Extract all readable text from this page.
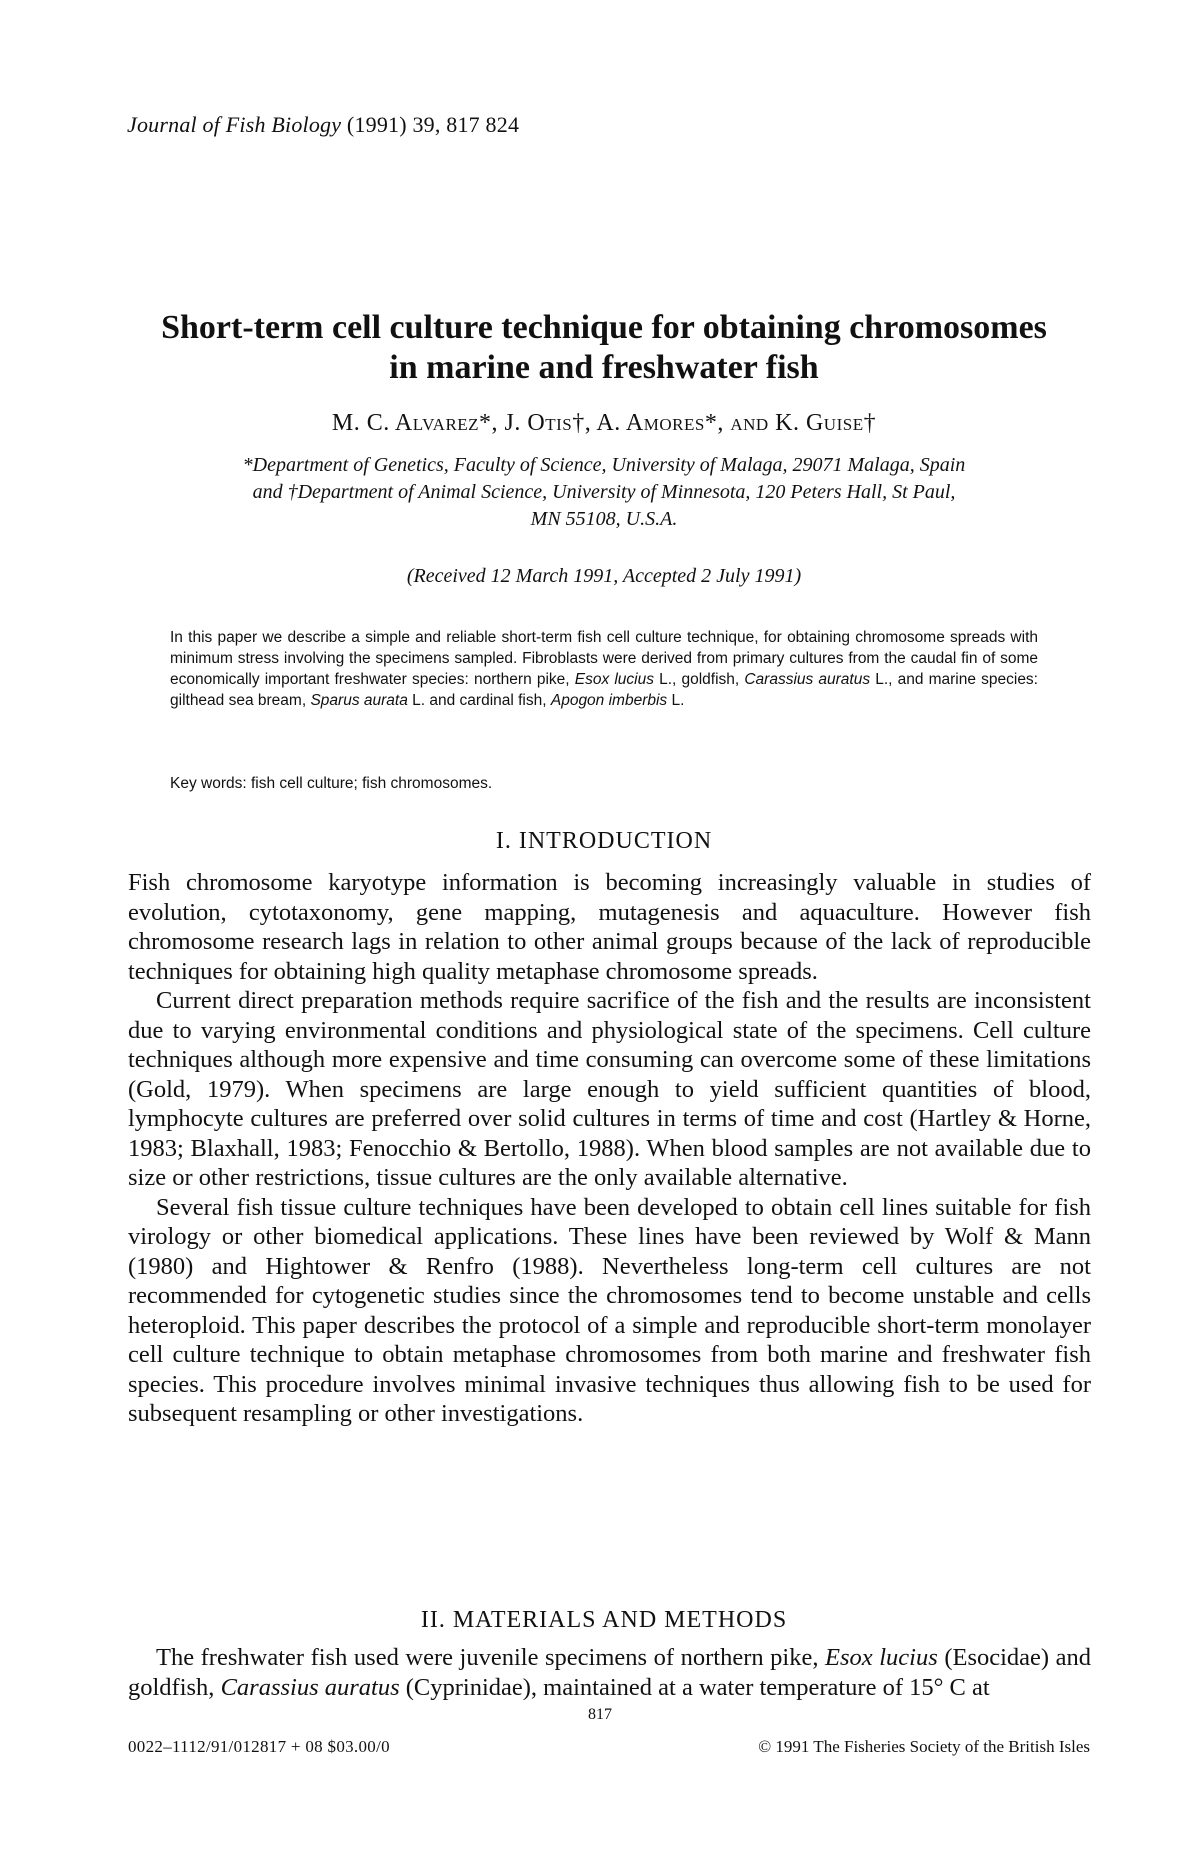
Journal of Fish Biology (1991) 39, 817 824
Short-term cell culture technique for obtaining chromosomes
in marine and freshwater fish
M. C. Alvarez*, J. Otis†, A. Amores*, and K. Guise†
*Department of Genetics, Faculty of Science, University of Malaga, 29071 Malaga, Spain
and †Department of Animal Science, University of Minnesota, 120 Peters Hall, St Paul,
MN 55108, U.S.A.
(Received 12 March 1991, Accepted 2 July 1991)
In this paper we describe a simple and reliable short-term fish cell culture technique, for obtaining chromosome spreads with minimum stress involving the specimens sampled. Fibroblasts were derived from primary cultures from the caudal fin of some economically important freshwater species: northern pike, Esox lucius L., goldfish, Carassius auratus L., and marine species: gilthead sea bream, Sparus aurata L. and cardinal fish, Apogon imberbis L.
Key words: fish cell culture; fish chromosomes.
I. INTRODUCTION

Fish chromosome karyotype information is becoming increasingly valuable in studies of evolution, cytotaxonomy, gene mapping, mutagenesis and aquaculture. However fish chromosome research lags in relation to other animal groups because of the lack of reproducible techniques for obtaining high quality metaphase chromosome spreads.

Current direct preparation methods require sacrifice of the fish and the results are inconsistent due to varying environmental conditions and physiological state of the specimens. Cell culture techniques although more expensive and time consuming can overcome some of these limitations (Gold, 1979). When specimens are large enough to yield sufficient quantities of blood, lymphocyte cultures are preferred over solid cultures in terms of time and cost (Hartley & Horne, 1983; Blaxhall, 1983; Fenocchio & Bertollo, 1988). When blood samples are not available due to size or other restrictions, tissue cultures are the only available alternative.

Several fish tissue culture techniques have been developed to obtain cell lines suitable for fish virology or other biomedical applications. These lines have been reviewed by Wolf & Mann (1980) and Hightower & Renfro (1988). Nevertheless long-term cell cultures are not recommended for cytogenetic studies since the chromosomes tend to become unstable and cells heteroploid. This paper describes the protocol of a simple and reproducible short-term monolayer cell culture technique to obtain metaphase chromosomes from both marine and freshwater fish species. This procedure involves minimal invasive techniques thus allowing fish to be used for subsequent resampling or other investigations.

II. MATERIALS AND METHODS

The freshwater fish used were juvenile specimens of northern pike, Esox lucius (Esocidae) and goldfish, Carassius auratus (Cyprinidae), maintained at a water temperature of 15° C at

817
0022–1112/91/012817 + 08 $03.00/0	© 1991 The Fisheries Society of the British Isles
